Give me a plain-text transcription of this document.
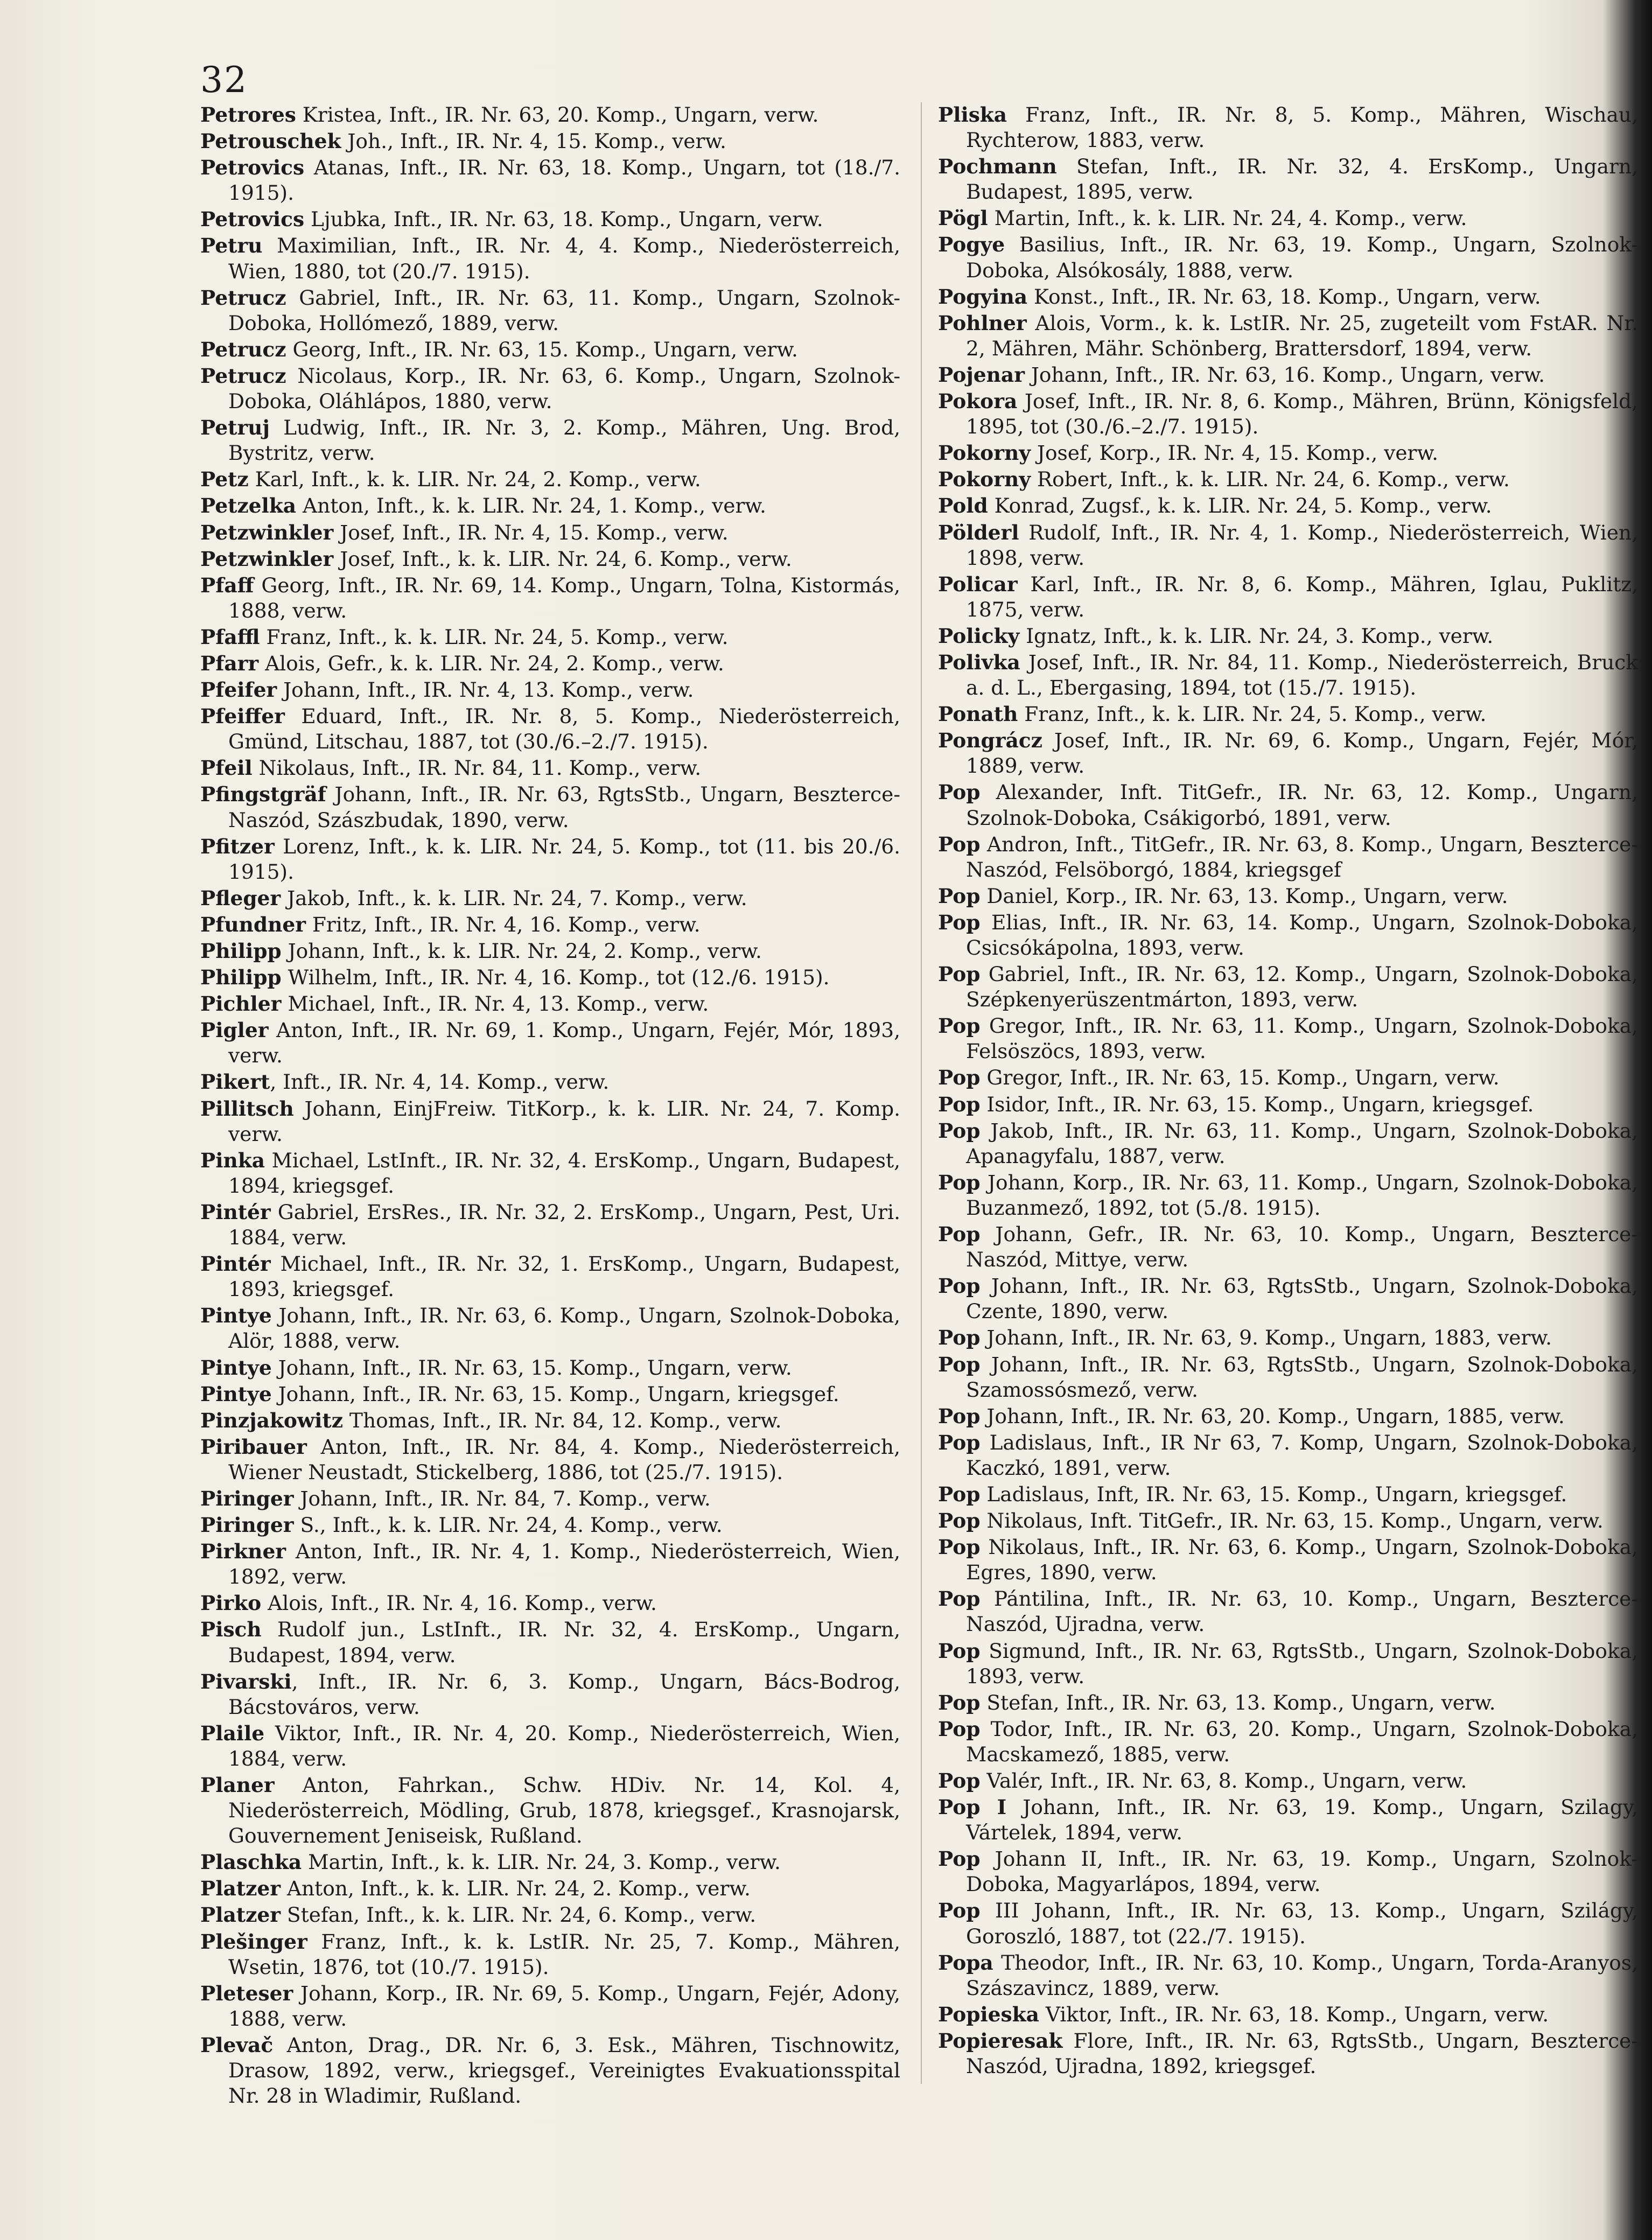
32
Petrores Kristea, Inft., IR. Nr. 63, 20. Komp., Ungarn, verw.
Petrouschek Joh., Inft., IR. Nr. 4, 15. Komp., verw.
Petrovics Atanas, Inft., IR. Nr. 63, 18. Komp., Ungarn, tot (18./7. 1915).
Petrovics Ljubka, Inft., IR. Nr. 63, 18. Komp., Ungarn, verw.
Petru Maximilian, Inft., IR. Nr. 4, 4. Komp., Niederösterreich, Wien, 1880, tot (20./7. 1915).
Petrucz Gabriel, Inft., IR. Nr. 63, 11. Komp., Ungarn, Szolnok-Doboka, Hollómező, 1889, verw.
Petrucz Georg, Inft., IR. Nr. 63, 15. Komp., Ungarn, verw.
Petrucz Nicolaus, Korp., IR. Nr. 63, 6. Komp., Ungarn, Szolnok-Doboka, Oláhlápos, 1880, verw.
Petruj Ludwig, Inft., IR. Nr. 3, 2. Komp., Mähren, Ung. Brod, Bystritz, verw.
Petz Karl, Inft., k. k. LIR. Nr. 24, 2. Komp., verw.
Petzelka Anton, Inft., k. k. LIR. Nr. 24, 1. Komp., verw.
Petzwinkler Josef, Inft., IR. Nr. 4, 15. Komp., verw.
Petzwinkler Josef, Inft., k. k. LIR. Nr. 24, 6. Komp., verw.
Pfaff Georg, Inft., IR. Nr. 69, 14. Komp., Ungarn, Tolna, Kistormás, 1888, verw.
Pfaffl Franz, Inft., k. k. LIR. Nr. 24, 5. Komp., verw.
Pfarr Alois, Gefr., k. k. LIR. Nr. 24, 2. Komp., verw.
Pfeifer Johann, Inft., IR. Nr. 4, 13. Komp., verw.
Pfeiffer Eduard, Inft., IR. Nr. 8, 5. Komp., Niederösterreich, Gmünd, Litschau, 1887, tot (30./6.–2./7. 1915).
Pfeil Nikolaus, Inft., IR. Nr. 84, 11. Komp., verw.
Pfingstgräf Johann, Inft., IR. Nr. 63, RgtsStb., Ungarn, Beszterce-Naszód, Szászbudak, 1890, verw.
Pfitzer Lorenz, Inft., k. k. LIR. Nr. 24, 5. Komp., tot (11. bis 20./6. 1915).
Pfleger Jakob, Inft., k. k. LIR. Nr. 24, 7. Komp., verw.
Pfundner Fritz, Inft., IR. Nr. 4, 16. Komp., verw.
Philipp Johann, Inft., k. k. LIR. Nr. 24, 2. Komp., verw.
Philipp Wilhelm, Inft., IR. Nr. 4, 16. Komp., tot (12./6. 1915).
Pichler Michael, Inft., IR. Nr. 4, 13. Komp., verw.
Pigler Anton, Inft., IR. Nr. 69, 1. Komp., Ungarn, Fejér, Mór, 1893, verw.
Pikert, Inft., IR. Nr. 4, 14. Komp., verw.
Pillitsch Johann, EinjFreiw. TitKorp., k. k. LIR. Nr. 24, 7. Komp. verw.
Pinka Michael, LstInft., IR. Nr. 32, 4. ErsKomp., Ungarn, Budapest, 1894, kriegsgef.
Pintér Gabriel, ErsRes., IR. Nr. 32, 2. ErsKomp., Ungarn, Pest, Uri. 1884, verw.
Pintér Michael, Inft., IR. Nr. 32, 1. ErsKomp., Ungarn, Budapest, 1893, kriegsgef.
Pintye Johann, Inft., IR. Nr. 63, 6. Komp., Ungarn, Szolnok-Doboka, Alör, 1888, verw.
Pintye Johann, Inft., IR. Nr. 63, 15. Komp., Ungarn, verw.
Pintye Johann, Inft., IR. Nr. 63, 15. Komp., Ungarn, kriegsgef.
Pinzjakowitz Thomas, Inft., IR. Nr. 84, 12. Komp., verw.
Piribauer Anton, Inft., IR. Nr. 84, 4. Komp., Niederösterreich, Wiener Neustadt, Stickelberg, 1886, tot (25./7. 1915).
Piringer Johann, Inft., IR. Nr. 84, 7. Komp., verw.
Piringer S., Inft., k. k. LIR. Nr. 24, 4. Komp., verw.
Pirkner Anton, Inft., IR. Nr. 4, 1. Komp., Niederösterreich, Wien, 1892, verw.
Pirko Alois, Inft., IR. Nr. 4, 16. Komp., verw.
Pisch Rudolf jun., LstInft., IR. Nr. 32, 4. ErsKomp., Ungarn, Budapest, 1894, verw.
Pivarski, Inft., IR. Nr. 6, 3. Komp., Ungarn, Bács-Bodrog, Bácstováros, verw.
Plaile Viktor, Inft., IR. Nr. 4, 20. Komp., Niederösterreich, Wien, 1884, verw.
Planer Anton, Fahrkan., Schw. HDiv. Nr. 14, Kol. 4, Niederösterreich, Mödling, Grub, 1878, kriegsgef., Krasnojarsk, Gouvernement Jeniseisk, Rußland.
Plaschka Martin, Inft., k. k. LIR. Nr. 24, 3. Komp., verw.
Platzer Anton, Inft., k. k. LIR. Nr. 24, 2. Komp., verw.
Platzer Stefan, Inft., k. k. LIR. Nr. 24, 6. Komp., verw.
Plešinger Franz, Inft., k. k. LstIR. Nr. 25, 7. Komp., Mähren, Wsetin, 1876, tot (10./7. 1915).
Pleteser Johann, Korp., IR. Nr. 69, 5. Komp., Ungarn, Fejér, Adony, 1888, verw.
Plevač Anton, Drag., DR. Nr. 6, 3. Esk., Mähren, Tischnowitz, Drasow, 1892, verw., kriegsgef., Vereinigtes Evakuationsspital Nr. 28 in Wladimir, Rußland.
Pliska Franz, Inft., IR. Nr. 8, 5. Komp., Mähren, Wischau, Rychterow, 1883, verw.
Pochmann Stefan, Inft., IR. Nr. 32, 4. ErsKomp., Ungarn, Budapest, 1895, verw.
Pögl Martin, Inft., k. k. LIR. Nr. 24, 4. Komp., verw.
Pogye Basilius, Inft., IR. Nr. 63, 19. Komp., Ungarn, Szolnok-Doboka, Alsókosály, 1888, verw.
Pogyina Konst., Inft., IR. Nr. 63, 18. Komp., Ungarn, verw.
Pohlner Alois, Vorm., k. k. LstIR. Nr. 25, zugeteilt vom FstAR. Nr. 2, Mähren, Mähr. Schönberg, Brattersdorf, 1894, verw.
Pojenar Johann, Inft., IR. Nr. 63, 16. Komp., Ungarn, verw.
Pokora Josef, Inft., IR. Nr. 8, 6. Komp., Mähren, Brünn, Königsfeld, 1895, tot (30./6.–2./7. 1915).
Pokorny Josef, Korp., IR. Nr. 4, 15. Komp., verw.
Pokorny Robert, Inft., k. k. LIR. Nr. 24, 6. Komp., verw.
Pold Konrad, Zugsf., k. k. LIR. Nr. 24, 5. Komp., verw.
Pölderl Rudolf, Inft., IR. Nr. 4, 1. Komp., Niederösterreich, Wien, 1898, verw.
Policar Karl, Inft., IR. Nr. 8, 6. Komp., Mähren, Iglau, Puklitz, 1875, verw.
Policky Ignatz, Inft., k. k. LIR. Nr. 24, 3. Komp., verw.
Polivka Josef, Inft., IR. Nr. 84, 11. Komp., Niederösterreich, Bruck a. d. L., Ebergasing, 1894, tot (15./7. 1915).
Ponath Franz, Inft., k. k. LIR. Nr. 24, 5. Komp., verw.
Pongrácz Josef, Inft., IR. Nr. 69, 6. Komp., Ungarn, Fejér, Mór, 1889, verw.
Pop Alexander, Inft. TitGefr., IR. Nr. 63, 12. Komp., Ungarn, Szolnok-Doboka, Csákigorbó, 1891, verw.
Pop Andron, Inft., TitGefr., IR. Nr. 63, 8. Komp., Ungarn, Beszterce-Naszód, Felsöborgó, 1884, kriegsgef
Pop Daniel, Korp., IR. Nr. 63, 13. Komp., Ungarn, verw.
Pop Elias, Inft., IR. Nr. 63, 14. Komp., Ungarn, Szolnok-Doboka, Csicsókápolna, 1893, verw.
Pop Gabriel, Inft., IR. Nr. 63, 12. Komp., Ungarn, Szolnok-Doboka, Szépkenyerüszentmárton, 1893, verw.
Pop Gregor, Inft., IR. Nr. 63, 11. Komp., Ungarn, Szolnok-Doboka, Felsöszöcs, 1893, verw.
Pop Gregor, Inft., IR. Nr. 63, 15. Komp., Ungarn, verw.
Pop Isidor, Inft., IR. Nr. 63, 15. Komp., Ungarn, kriegsgef.
Pop Jakob, Inft., IR. Nr. 63, 11. Komp., Ungarn, Szolnok-Doboka, Apanagyfalu, 1887, verw.
Pop Johann, Korp., IR. Nr. 63, 11. Komp., Ungarn, Szolnok-Doboka, Buzanmező, 1892, tot (5./8. 1915).
Pop Johann, Gefr., IR. Nr. 63, 10. Komp., Ungarn, Beszterce-Naszód, Mittye, verw.
Pop Johann, Inft., IR. Nr. 63, RgtsStb., Ungarn, Szolnok-Doboka, Czente, 1890, verw.
Pop Johann, Inft., IR. Nr. 63, 9. Komp., Ungarn, 1883, verw.
Pop Johann, Inft., IR. Nr. 63, RgtsStb., Ungarn, Szolnok-Doboka, Szamossósmező, verw.
Pop Johann, Inft., IR. Nr. 63, 20. Komp., Ungarn, 1885, verw.
Pop Ladislaus, Inft., IR Nr 63, 7. Komp, Ungarn, Szolnok-Doboka, Kaczkó, 1891, verw.
Pop Ladislaus, Inft, IR. Nr. 63, 15. Komp., Ungarn, kriegsgef.
Pop Nikolaus, Inft. TitGefr., IR. Nr. 63, 15. Komp., Ungarn, verw.
Pop Nikolaus, Inft., IR. Nr. 63, 6. Komp., Ungarn, Szolnok-Doboka, Egres, 1890, verw.
Pop Pántilina, Inft., IR. Nr. 63, 10. Komp., Ungarn, Beszterce-Naszód, Ujradna, verw.
Pop Sigmund, Inft., IR. Nr. 63, RgtsStb., Ungarn, Szolnok-Doboka, 1893, verw.
Pop Stefan, Inft., IR. Nr. 63, 13. Komp., Ungarn, verw.
Pop Todor, Inft., IR. Nr. 63, 20. Komp., Ungarn, Szolnok-Doboka, Macskamező, 1885, verw.
Pop Valér, Inft., IR. Nr. 63, 8. Komp., Ungarn, verw.
Pop I Johann, Inft., IR. Nr. 63, 19. Komp., Ungarn, Szilagy, Vártelek, 1894, verw.
Pop Johann II, Inft., IR. Nr. 63, 19. Komp., Ungarn, Szolnok-Doboka, Magyarlápos, 1894, verw.
Pop III Johann, Inft., IR. Nr. 63, 13. Komp., Ungarn, Szilágy, Goroszló, 1887, tot (22./7. 1915).
Popa Theodor, Inft., IR. Nr. 63, 10. Komp., Ungarn, Torda-Aranyos, Szászavincz, 1889, verw.
Popieska Viktor, Inft., IR. Nr. 63, 18. Komp., Ungarn, verw.
Popieresak Flore, Inft., IR. Nr. 63, RgtsStb., Ungarn, Beszterce-Naszód, Ujradna, 1892, kriegsgef.
